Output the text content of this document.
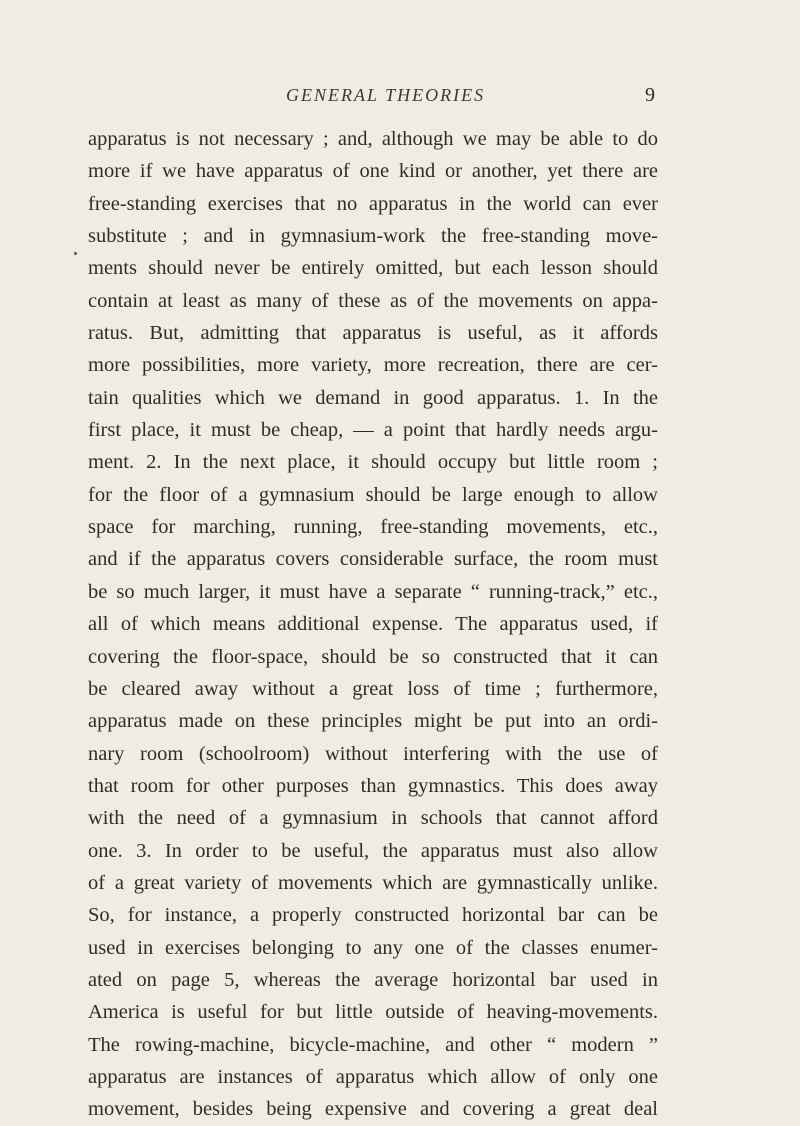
GENERAL THEORIES	9
apparatus is not necessary ; and, although we may be able to do
more if we have apparatus of one kind or another, yet there are
free-standing exercises that no apparatus in the world can ever
substitute ; and in gymnasium-work the free-standing move-
ments should never be entirely omitted, but each lesson should
contain at least as many of these as of the movements on appa-
ratus. But, admitting that apparatus is useful, as it affords
more possibilities, more variety, more recreation, there are cer-
tain qualities which we demand in good apparatus. 1. In the
first place, it must be cheap, — a point that hardly needs argu-
ment. 2. In the next place, it should occupy but little room ;
for the floor of a gymnasium should be large enough to allow
space for marching, running, free-standing movements, etc.,
and if the apparatus covers considerable surface, the room must
be so much larger, it must have a separate “ running-track,” etc.,
all of which means additional expense. The apparatus used, if
covering the floor-space, should be so constructed that it can
be cleared away without a great loss of time ; furthermore,
apparatus made on these principles might be put into an ordi-
nary room (schoolroom) without interfering with the use of
that room for other purposes than gymnastics. This does away
with the need of a gymnasium in schools that cannot afford
one. 3. In order to be useful, the apparatus must also allow
of a great variety of movements which are gymnastically unlike.
So, for instance, a properly constructed horizontal bar can be
used in exercises belonging to any one of the classes enumer-
ated on page 5, whereas the average horizontal bar used in
America is useful for but little outside of heaving-movements.
The rowing-machine, bicycle-machine, and other “ modern ”
apparatus are instances of apparatus which allow of only one
movement, besides being expensive and covering a great deal
